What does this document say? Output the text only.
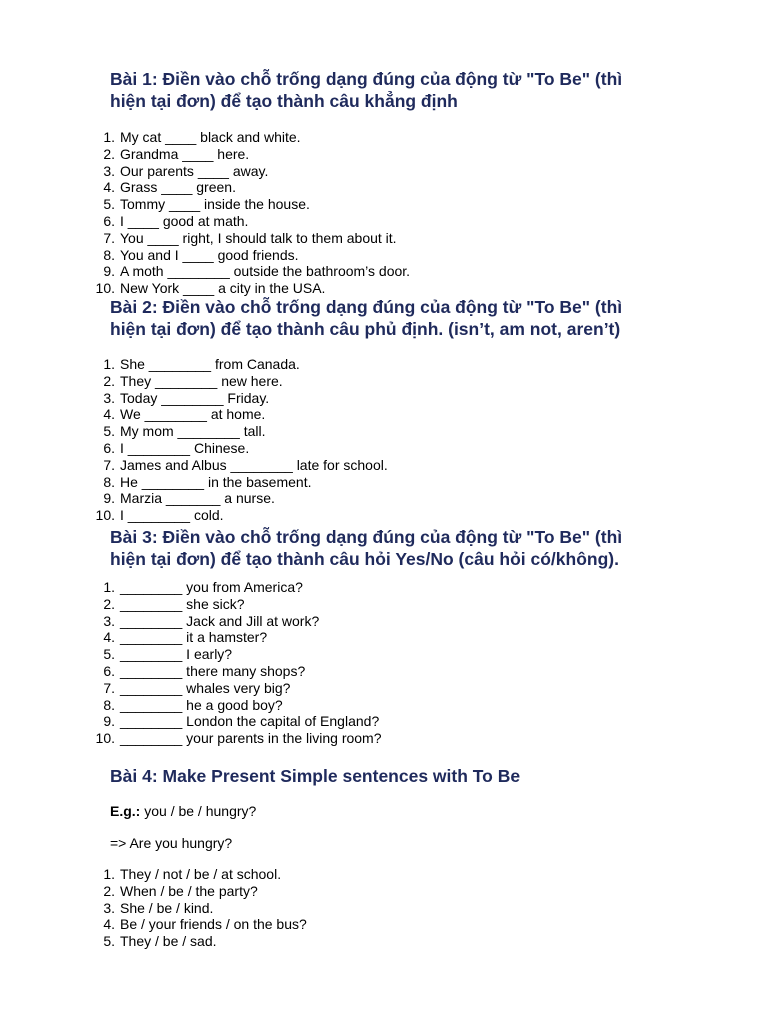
Bài 1: Điền vào chỗ trống dạng đúng của động từ "To Be" (thì
hiện tại đơn) để tạo thành câu khẳng định
1. My cat ____ black and white.
2. Grandma ____ here.
3. Our parents ____ away.
4. Grass ____ green.
5. Tommy ____ inside the house.
6. I ____ good at math.
7. You ____ right, I should talk to them about it.
8. You and I ____ good friends.
9. A moth ________ outside the bathroom’s door.
10. New York ____ a city in the USA.
Bài 2: Điền vào chỗ trống dạng đúng của động từ "To Be" (thì
hiện tại đơn) để tạo thành câu phủ định. (isn’t, am not, aren’t)
1. She ________ from Canada.
2. They ________ new here.
3. Today ________ Friday.
4. We ________ at home.
5. My mom ________ tall.
6. I ________ Chinese.
7. James and Albus ________ late for school.
8. He ________ in the basement.
9. Marzia _______ a nurse.
10. I ________ cold.
Bài 3: Điền vào chỗ trống dạng đúng của động từ "To Be" (thì
hiện tại đơn) để tạo thành câu hỏi Yes/No (câu hỏi có/không).
1. ________ you from America?
2. ________ she sick?
3. ________ Jack and Jill at work?
4. ________ it a hamster?
5. ________ I early?
6. ________ there many shops?
7. ________ whales very big?
8. ________ he a good boy?
9. ________ London the capital of England?
10. ________ your parents in the living room?
Bài 4: Make Present Simple sentences with To Be

E.g.: you / be / hungry?

=> Are you hungry?

1. They / not / be / at school.
2. When / be / the party?
3. She / be / kind.
4. Be / your friends / on the bus?
5. They / be / sad.
